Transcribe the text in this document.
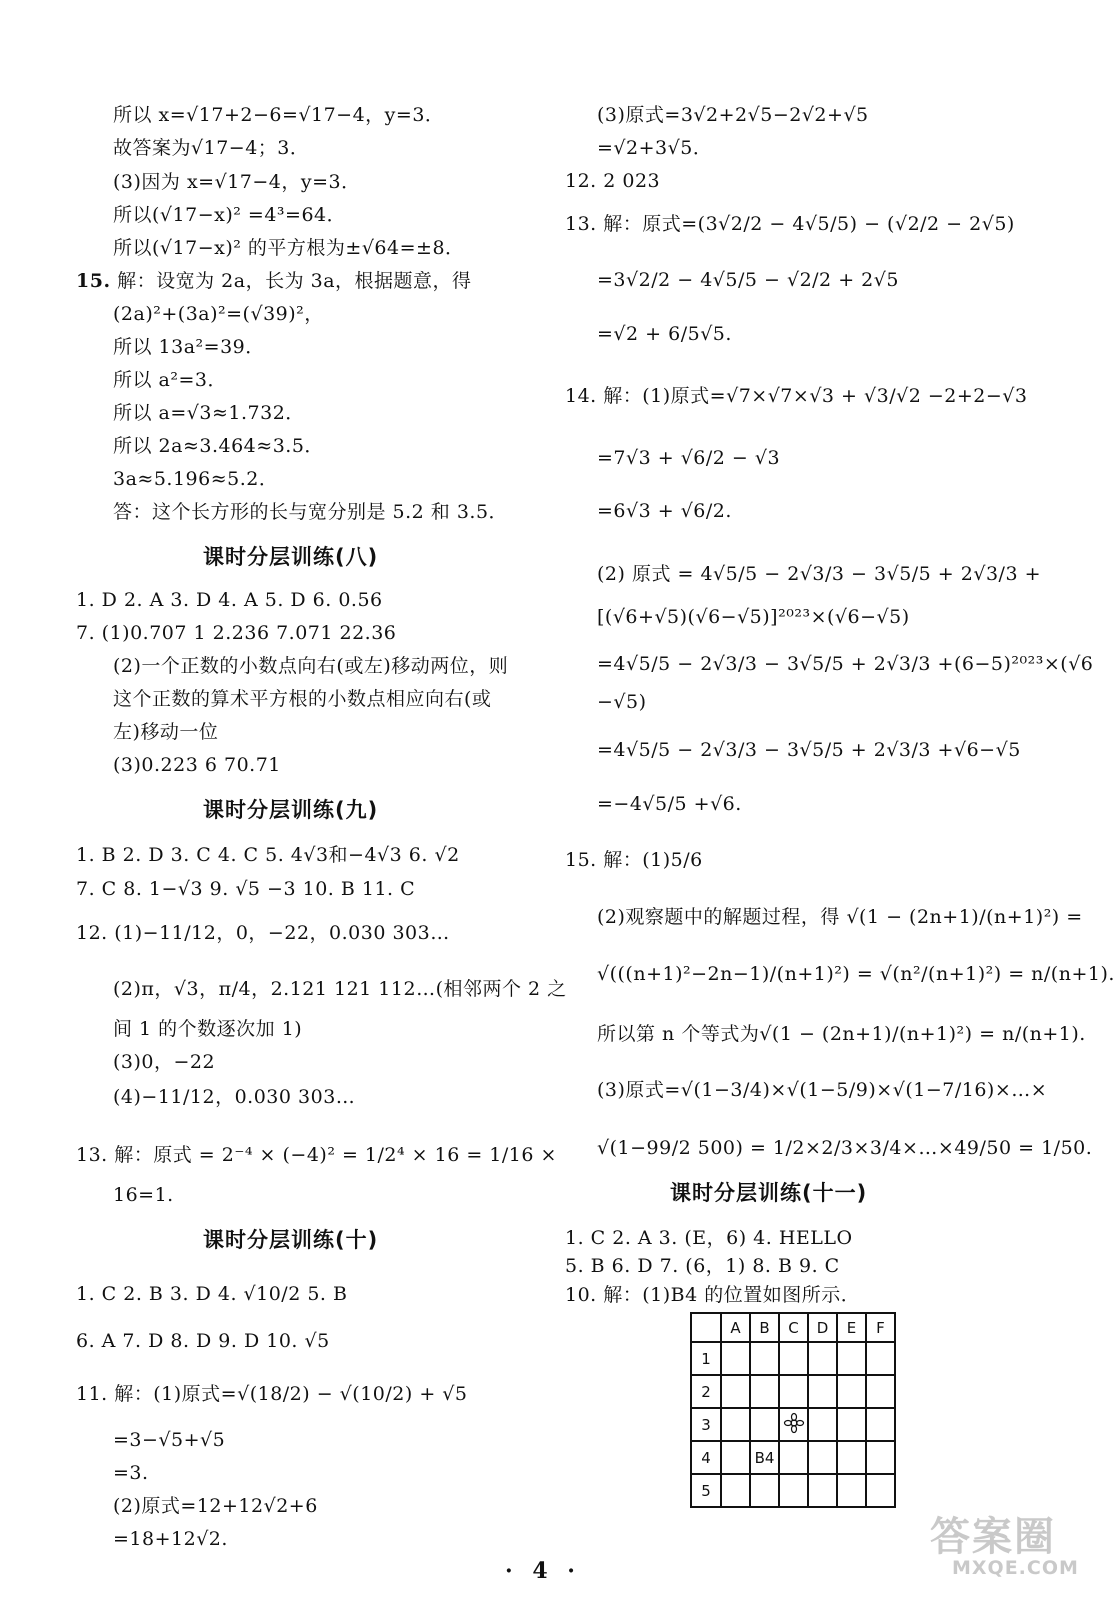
所以 x=√17+2−6=√17−4，y=3．
故答案为√17−4；3．
(3)因为 x=√17−4，y=3．
所以(√17−x)² =4³=64．
所以(√17−x)² 的平方根为±√64=±8．
15. 解：设宽为 2a，长为 3a，根据题意，得
(2a)²+(3a)²=(√39)²，
所以 13a²=39．
所以 a²=3．
所以 a=√3≈1.732．
所以 2a≈3.464≈3.5．
3a≈5.196≈5.2．
答：这个长方形的长与宽分别是 5.2 和 3.5．
课时分层训练(八)
1. D 2. A 3. D 4. A 5. D 6. 0.56
7. (1)0.707 1 2.236 7.071 22.36
(2)一个正数的小数点向右(或左)移动两位，则
这个正数的算术平方根的小数点相应向右(或
左)移动一位
(3)0.223 6 70.71
课时分层训练(九)
1. B 2. D 3. C 4. C 5. 4√3和−4√3 6. √2
7. C 8. 1−√3 9. √5 −3 10. B 11. C
12. (1)−11/12，0，−22，0.030 303…
(2)π，√3，π/4，2.121 121 112…(相邻两个 2 之
间 1 的个数逐次加 1)
(3)0，−22
(4)−11/12，0.030 303…
13. 解：原式 = 2⁻⁴ × (−4)² = 1/2⁴ × 16 = 1/16 ×
16=1.
课时分层训练(十)
1. C 2. B 3. D 4. √10/2 5. B
6. A 7. D 8. D 9. D 10. √5
11. 解：(1)原式=√(18/2) − √(10/2) + √5
=3−√5+√5
=3.
(2)原式=12+12√2+6
=18+12√2.
(3)原式=3√2+2√5−2√2+√5
=√2+3√5．
12. 2 023
13. 解：原式=(3√2/2 − 4√5/5) − (√2/2 − 2√5)
=3√2/2 − 4√5/5 − √2/2 + 2√5
=√2 + 6/5√5.
14. 解：(1)原式=√7×√7×√3 + √3/√2 −2+2−√3
=7√3 + √6/2 − √3
=6√3 + √6/2.
(2) 原式 = 4√5/5 − 2√3/3 − 3√5/5 + 2√3/3 +
[(√6+√5)(√6−√5)]²⁰²³×(√6−√5)
=4√5/5 − 2√3/3 − 3√5/5 + 2√3/3 +(6−5)²⁰²³×(√6
−√5)
=4√5/5 − 2√3/3 − 3√5/5 + 2√3/3 +√6−√5
=−4√5/5 +√6.
15. 解：(1)5/6
(2)观察题中的解题过程，得 √(1 − (2n+1)/(n+1)²) =
√(((n+1)²−2n−1)/(n+1)²) = √(n²/(n+1)²) = n/(n+1).
所以第 n 个等式为√(1 − (2n+1)/(n+1)²) = n/(n+1).
(3)原式=√(1−3/4)×√(1−5/9)×√(1−7/16)×…×
√(1−99/2 500) = 1/2×2/3×3/4×…×49/50 = 1/50.
课时分层训练(十一)
1. C 2. A 3. (E，6) 4. HELLO
5. B 6. D 7. (6，1) 8. B 9. C
10. 解：(1)B4 的位置如图所示．
	A	B	C	D	E	F
1						
2						
3						
4		B4				
5						
· 4 ·
答案圈
MXQE.COM
